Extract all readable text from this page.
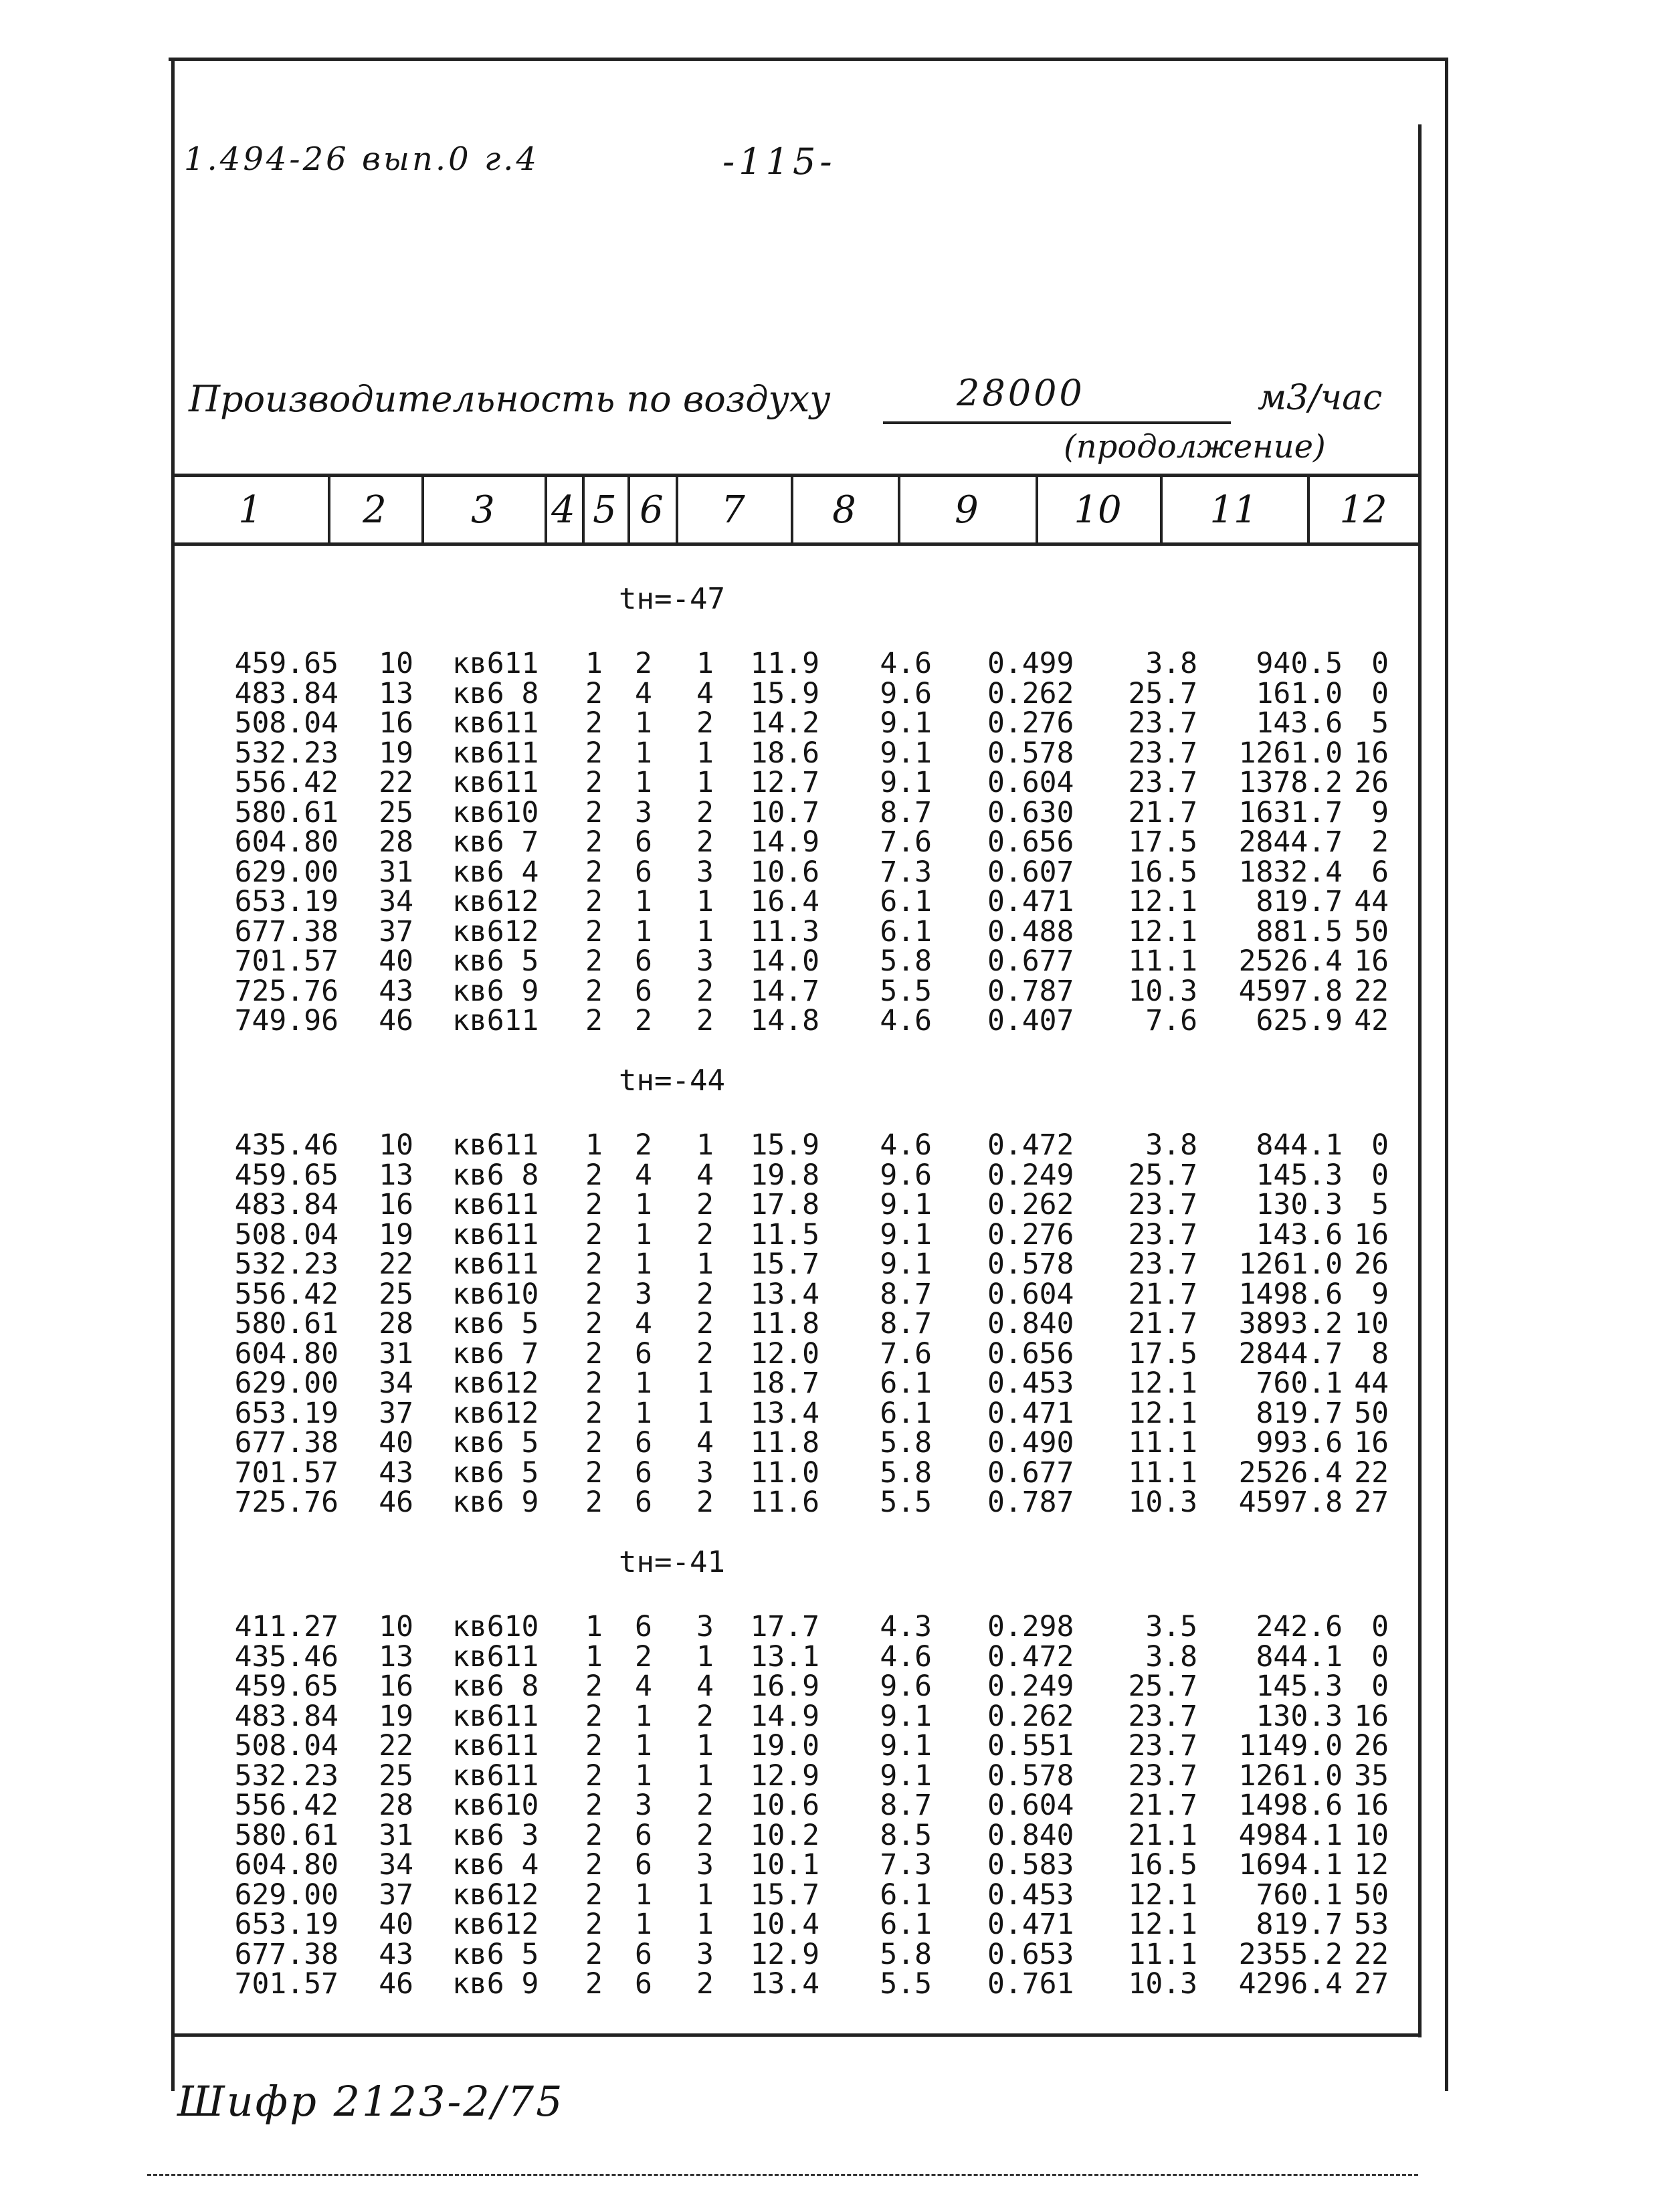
1.494-26 вып.0 г.4	-115-
Производительность по воздуху	28000	м3/час
(продолжение)
1	2	3	4 5 6	7	8	9	10	11	12
tн=-47
459.65 10 кв611	1	2	1	11.9 4.6 0.499 3.8 940.5 0
483.84 13 кв6 8	2	4	4	15.9 9.6 0.262 25.7 161.0 0
508.04 16 кв611	2	1	2	14.2 9.1 0.276 23.7 143.6 5
532.23 19 кв611	2	1	1	18.6 9.1 0.578 23.7 1261.0 16
556.42 22 кв611	2	1	1	12.7 9.1 0.604 23.7 1378.2 26
580.61 25 кв610	2	3	2	10.7 8.7 0.630 21.7 1631.7 9
604.80 28 кв6 7	2	6	2	14.9 7.6 0.656 17.5 2844.7 2
629.00 31 кв6 4	2	6	3	10.6 7.3 0.607 16.5 1832.4 6
653.19 34 кв612	2	1	1	16.4 6.1 0.471 12.1 819.7 44
677.38 37 кв612	2	1	1	11.3 6.1 0.488 12.1 881.5 50
701.57 40 кв6 5	2	6	3	14.0 5.8 0.677 11.1 2526.4 16
725.76 43 кв6 9	2	6	2	14.7 5.5 0.787 10.3 4597.8 22
749.96 46 кв611	2	2	2	14.8 4.6 0.407 7.6 625.9 42
tн=-44
435.46 10 кв611	1	2	1	15.9 4.6 0.472 3.8 844.1 0
459.65 13 кв6 8	2	4	4	19.8 9.6 0.249 25.7 145.3 0
483.84 16 кв611	2	1	2	17.8 9.1 0.262 23.7 130.3 5
508.04 19 кв611	2	1	2	11.5 9.1 0.276 23.7 143.6 16
532.23 22 кв611	2	1	1	15.7 9.1 0.578 23.7 1261.0 26
556.42 25 кв610	2	3	2	13.4 8.7 0.604 21.7 1498.6 9
580.61 28 кв6 5	2	4	2	11.8 8.7 0.840 21.7 3893.2 10
604.80 31 кв6 7	2	6	2	12.0 7.6 0.656 17.5 2844.7 8
629.00 34 кв612	2	1	1	18.7 6.1 0.453 12.1 760.1 44
653.19 37 кв612	2	1	1	13.4 6.1 0.471 12.1 819.7 50
677.38 40 кв6 5	2	6	4	11.8 5.8 0.490 11.1 993.6 16
701.57 43 кв6 5	2	6	3	11.0 5.8 0.677 11.1 2526.4 22
725.76 46 кв6 9	2	6	2	11.6 5.5 0.787 10.3 4597.8 27
tн=-41
411.27 10 кв610	1	6	3	17.7 4.3 0.298 3.5 242.6 0
435.46 13 кв611	1	2	1	13.1 4.6 0.472 3.8 844.1 0
459.65 16 кв6 8	2	4	4	16.9 9.6 0.249 25.7 145.3 0
483.84 19 кв611	2	1	2	14.9 9.1 0.262 23.7 130.3 16
508.04 22 кв611	2	1	1	19.0 9.1 0.551 23.7 1149.0 26
532.23 25 кв611	2	1	1	12.9 9.1 0.578 23.7 1261.0 35
556.42 28 кв610	2	3	2	10.6 8.7 0.604 21.7 1498.6 16
580.61 31 кв6 3	2	6	2	10.2 8.5 0.840 21.1 4984.1 10
604.80 34 кв6 4	2	6	3	10.1 7.3 0.583 16.5 1694.1 12
629.00 37 кв612	2	1	1	15.7 6.1 0.453 12.1 760.1 50
653.19 40 кв612	2	1	1	10.4 6.1 0.471 12.1 819.7 53
677.38 43 кв6 5	2	6	3	12.9 5.8 0.653 11.1 2355.2 22
701.57 46 кв6 9	2	6	2	13.4 5.5 0.761 10.3 4296.4 27
Шифр 2123-2/75
